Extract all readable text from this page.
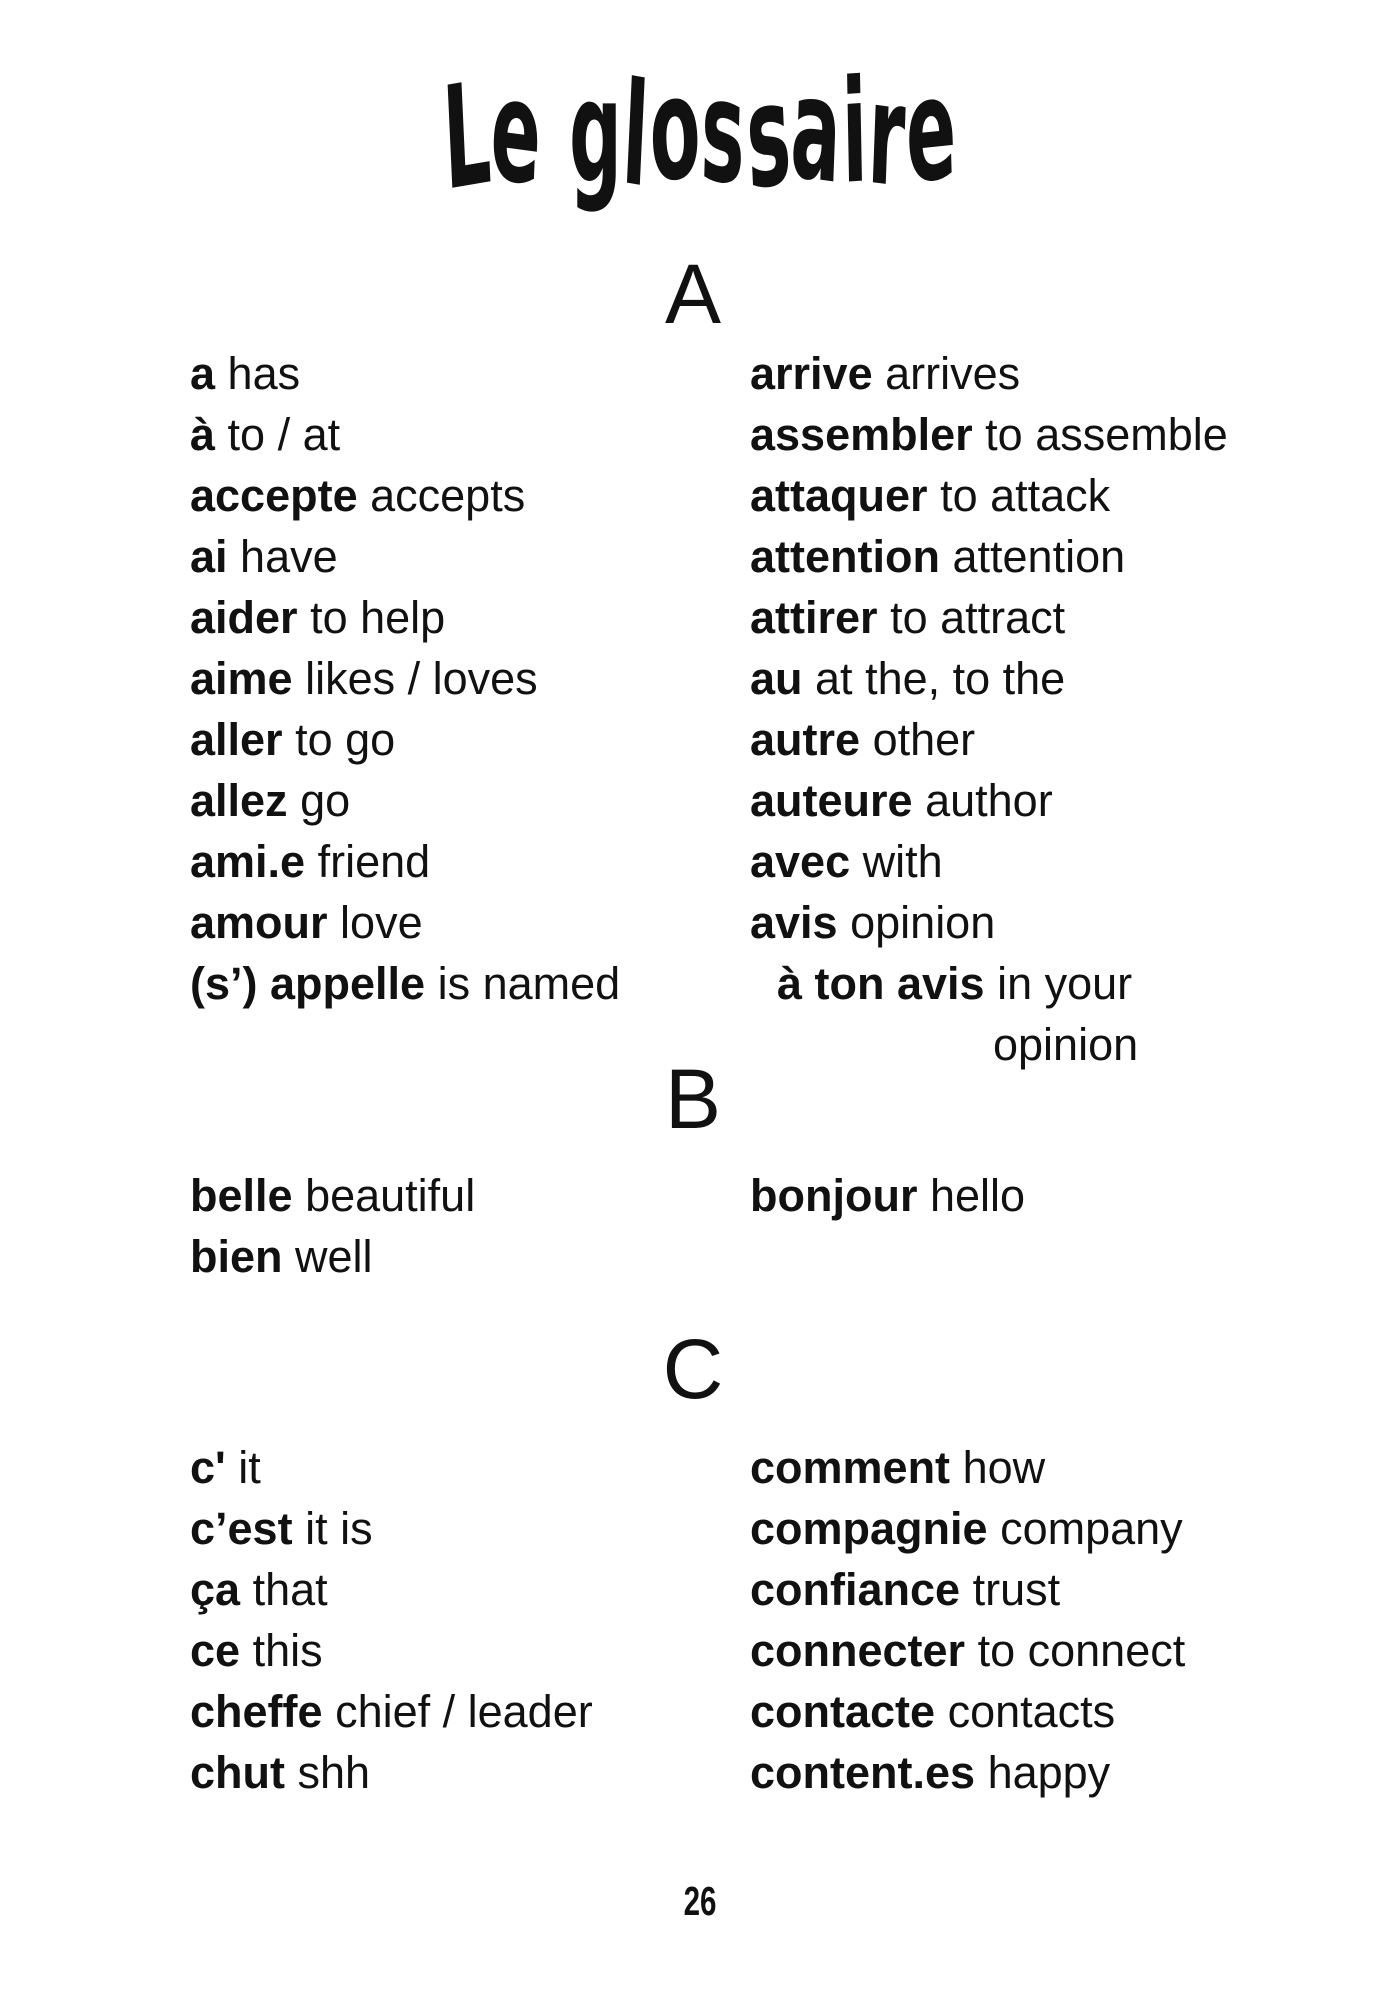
Le glossaire
A
a has
à to / at
accepte accepts
ai have
aider to help
aime likes / loves
aller to go
allez go
ami.e friend
amour love
(s’) appelle is named
arrive arrives
assembler to assemble
attaquer to attack
attention attention
attirer to attract
au at the, to the
autre other
auteure author
avec with
avis opinion
à ton avis in your
opinion
B
belle beautiful
bien well
bonjour hello
C
c' it
c’est it is
ça that
ce this
cheffe chief / leader
chut shh
comment how
compagnie company
confiance trust
connecter to connect
contacte contacts
content.es happy
26
